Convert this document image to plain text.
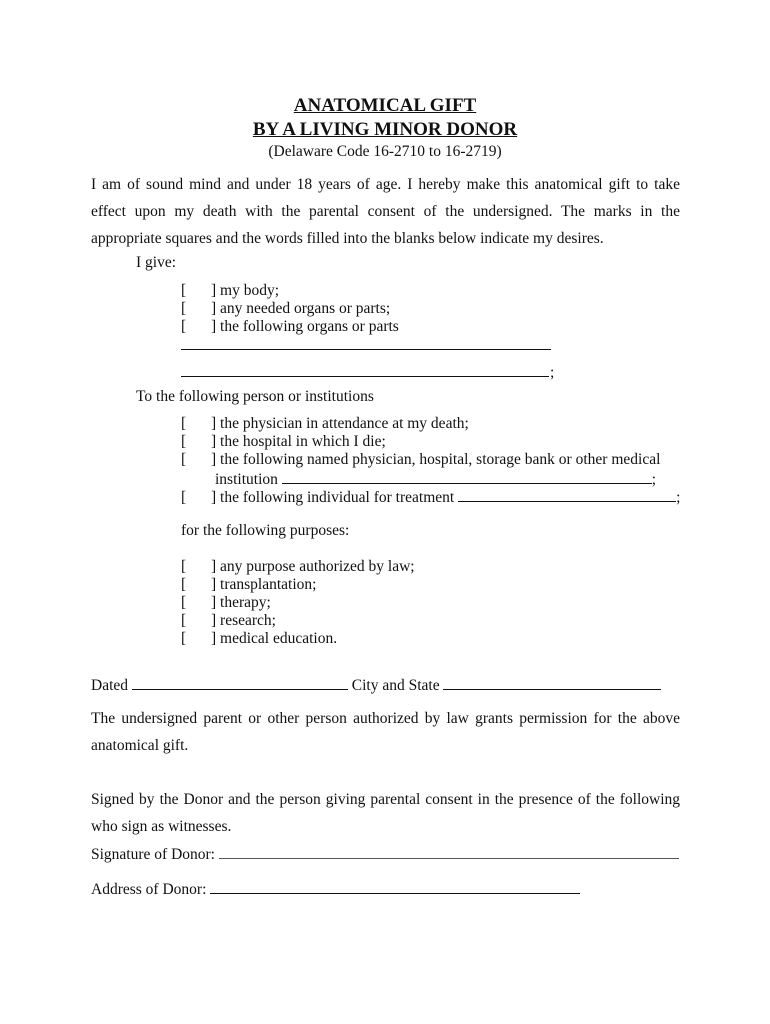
ANATOMICAL GIFT
BY A LIVING MINOR DONOR
(Delaware Code 16-2710 to 16-2719)
I am of sound mind and under 18 years of age. I hereby make this anatomical gift to take effect upon my death with the parental consent of the undersigned. The marks in the appropriate squares and the words filled into the blanks below indicate my desires.
I give:
[ ] my body;
[ ] any needed organs or parts;
[ ] the following organs or parts
;
To the following person or institutions
[ ] the physician in attendance at my death;
[ ] the hospital in which I die;
[ ] the following named physician, hospital, storage bank or other medical
institution	;
[ ] the following individual for treatment	;
for the following purposes:
[ ] any purpose authorized by law;
[ ] transplantation;
[ ] therapy;
[ ] research;
[ ] medical education.
Dated	City and State
The undersigned parent or other person authorized by law grants permission for the above anatomical gift.
Signed by the Donor and the person giving parental consent in the presence of the following who sign as witnesses.
Signature of Donor:
Address of Donor:
